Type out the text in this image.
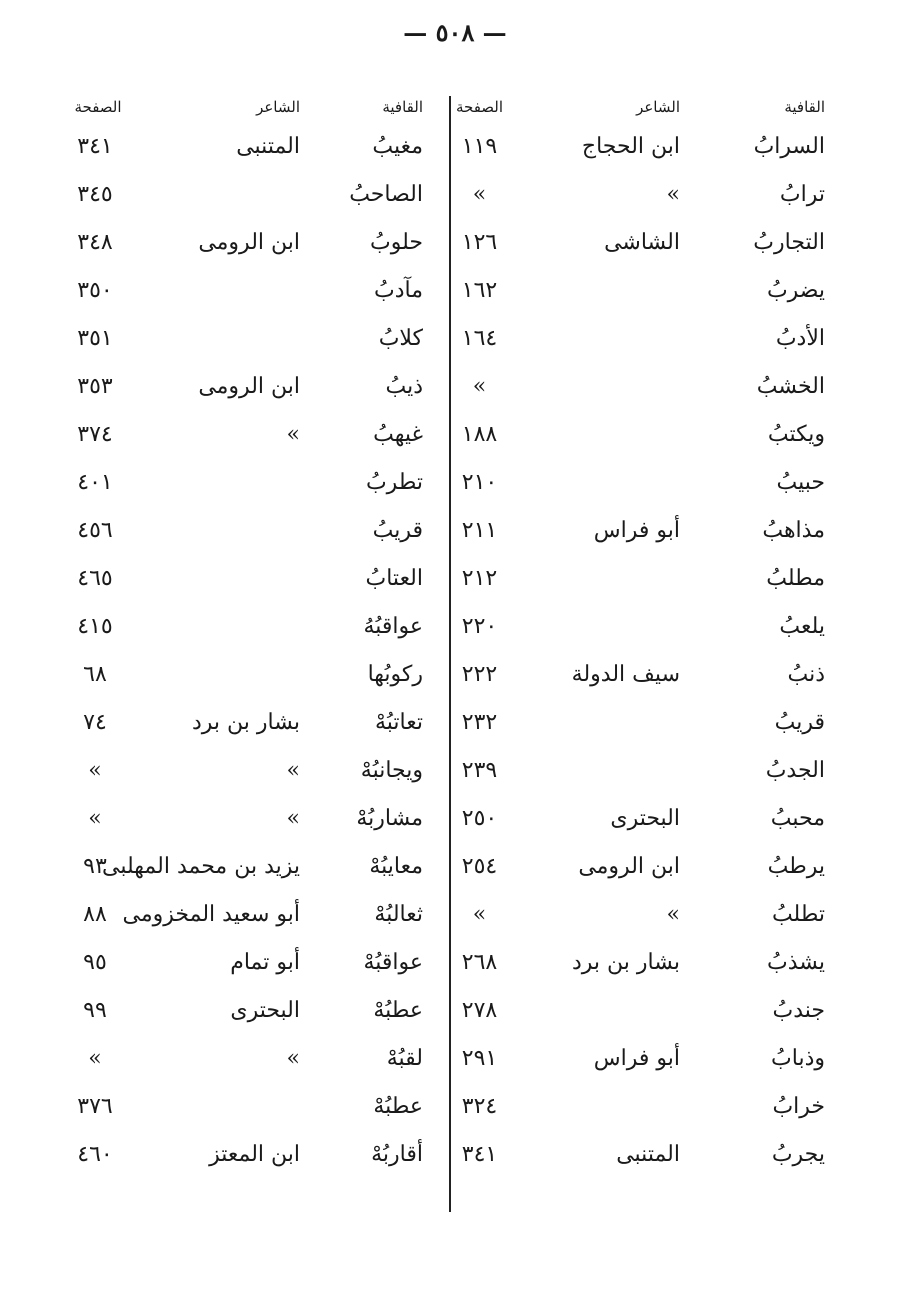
— ٥٠٨ —
القافية
الشاعر
الصفحة
القافية
الشاعر
الصفحة
السرابُ
ابن الحجاج
١١٩
مغيبُ
المتنبى
٣٤١
ترابُ
»
»
الصاحبُ
٣٤٥
التجاربُ
الشاشى
١٢٦
حلوبُ
ابن الرومى
٣٤٨
يضربُ
١٦٢
مآدبُ
٣٥٠
الأدبُ
١٦٤
كلابُ
٣٥١
الخشبُ
»
ذيبُ
ابن الرومى
٣٥٣
ويكتبُ
١٨٨
غيهبُ
»
٣٧٤
حبيبُ
٢١٠
تطربُ
٤٠١
مذاهبُ
أبو فراس
٢١١
قريبُ
٤٥٦
مطلبُ
٢١٢
العتابُ
٤٦٥
يلعبُ
٢٢٠
عواقبُهُ
٤١٥
ذنبُ
سيف الدولة
٢٢٢
ركوبُها
٦٨
قريبُ
٢٣٢
تعاتبُهْ
بشار بن برد
٧٤
الجدبُ
٢٣٩
ويجانبُهْ
»
»
محببُ
البحترى
٢٥٠
مشاربُهْ
»
»
يرطبُ
ابن الرومى
٢٥٤
معايبُهْ
يزيد بن محمد المهلبى
٩٣
تطلبُ
»
»
ثعالبُهْ
أبو سعيد المخزومى
٨٨
يشذبُ
بشار بن برد
٢٦٨
عواقبُهْ
أبو تمام
٩٥
جندبُ
٢٧٨
عطبُهْ
البحترى
٩٩
وذبابُ
أبو فراس
٢٩١
لقبُهْ
»
»
خرابُ
٣٢٤
عطبُهْ
٣٧٦
يجربُ
المتنبى
٣٤١
أقاربُهْ
ابن المعتز
٤٦٠
